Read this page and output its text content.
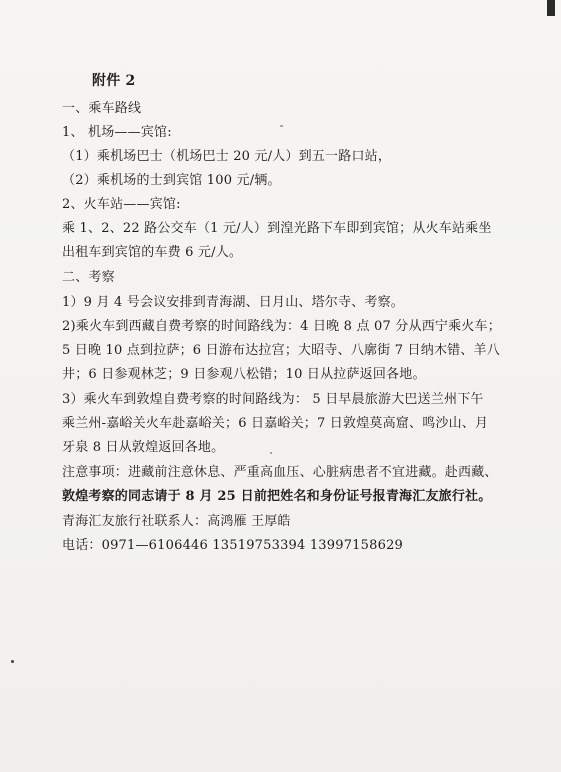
附件 2
一、乘车路线
1、 机场——宾馆:
（1）乘机场巴士（机场巴士 20 元/人）到五一路口站，
（2）乘机场的士到宾馆 100 元/辆。
2、火车站——宾馆:
乘 1、2、22 路公交车（1 元/人）到湟光路下车即到宾馆；从火车站乘坐
出租车到宾馆的车费 6 元/人。
二、考察
1）9 月 4 号会议安排到青海湖、日月山、塔尔寺、考察。
2)乘火车到西藏自费考察的时间路线为：4 日晚 8 点 07 分从西宁乘火车；
5 日晚 10 点到拉萨；6 日游布达拉宫；大昭寺、八廓街 7 日纳木错、羊八
井；6 日参观林芝；9 日参观八松错；10 日从拉萨返回各地。
3）乘火车到敦煌自费考察的时间路线为： 5 日早晨旅游大巴送兰州下午
乘兰州-嘉峪关火车赴嘉峪关；6 日嘉峪关；7 日敦煌莫高窟、鸣沙山、月
牙泉 8 日从敦煌返回各地。
注意事项：进藏前注意休息、严重高血压、心脏病患者不宜进藏。赴西藏、
敦煌考察的同志请于 8 月 25 日前把姓名和身份证号报青海汇友旅行社。
青海汇友旅行社联系人：高鸿雁 王厚皓
电话：0971—6106446 13519753394 13997158629
